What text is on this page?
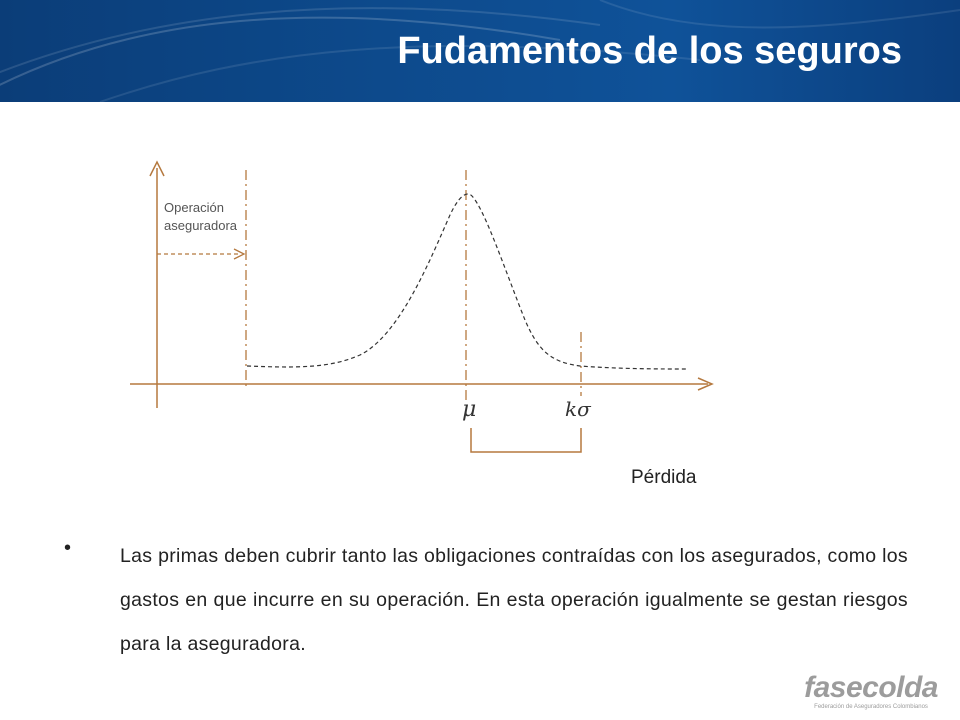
Fudamentos de los seguros
Operación
aseguradora
μ	kσ
Pérdida
•	Las primas deben cubrir tanto las obligaciones contraídas con los asegurados, como los gastos en que incurre en su operación. En esta operación igualmente se gestan riesgos para la aseguradora.
fasecolda
Federación de Aseguradores Colombianos
